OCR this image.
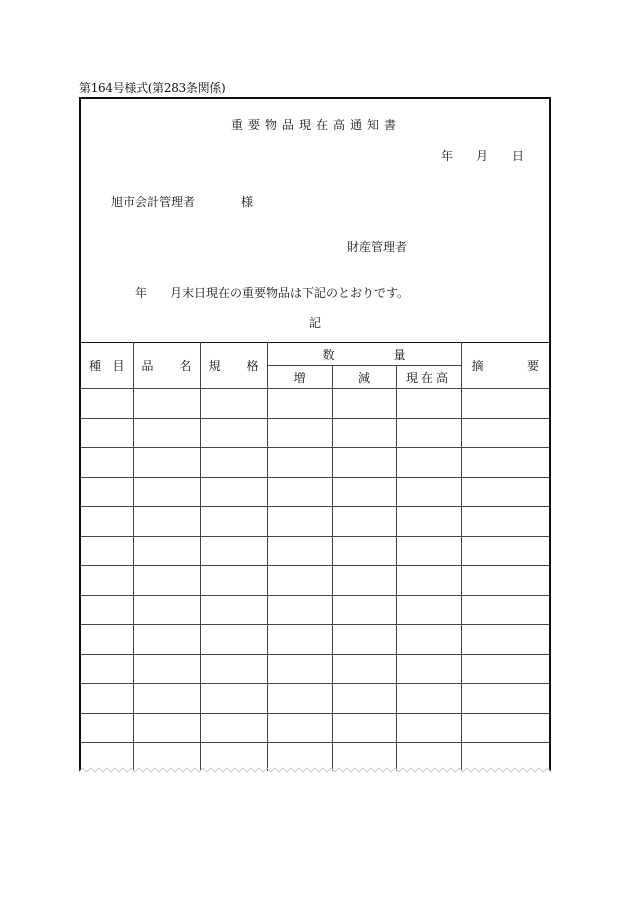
第164号様式(第283条関係)
重要物品現在高通知書
年 月 日
旭市会計管理者	様
財産管理者
年 月末日現在の重要物品は下記のとおりです。
記
種 目	品 名	規 格	数 量			摘 要

			増	減	現在高	
